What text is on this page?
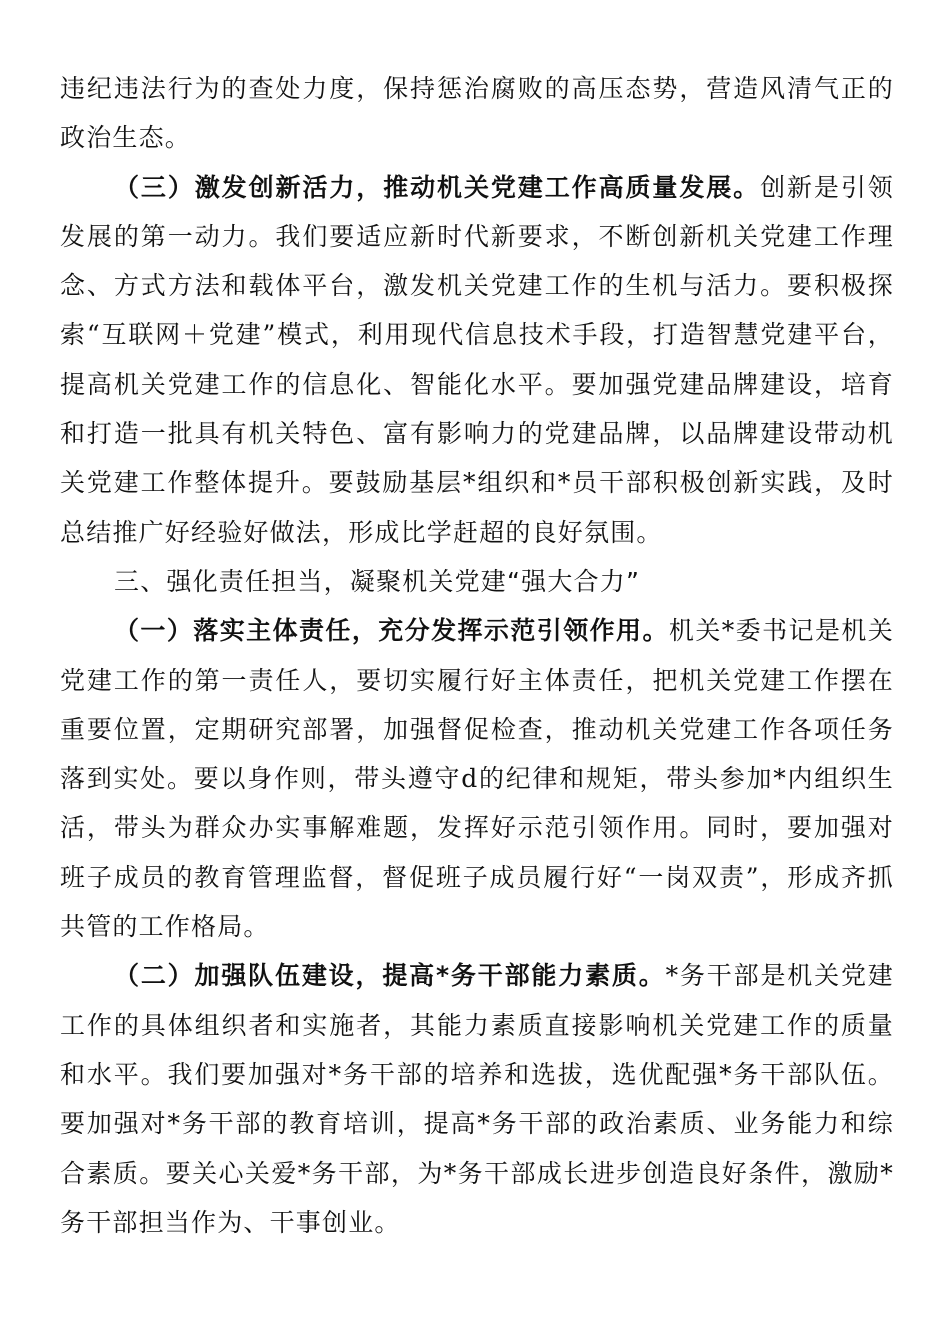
违纪违法行为的查处力度，保持惩治腐败的高压态势，营造风清气正的政治生态。

（三）激发创新活力，推动机关党建工作高质量发展。创新是引领发展的第一动力。我们要适应新时代新要求，不断创新机关党建工作理念、方式方法和载体平台，激发机关党建工作的生机与活力。要积极探索“互联网＋党建”模式，利用现代信息技术手段，打造智慧党建平台，提高机关党建工作的信息化、智能化水平。要加强党建品牌建设，培育和打造一批具有机关特色、富有影响力的党建品牌，以品牌建设带动机关党建工作整体提升。要鼓励基层*组织和*员干部积极创新实践，及时总结推广好经验好做法，形成比学赶超的良好氛围。

三、强化责任担当，凝聚机关党建“强大合力”

（一）落实主体责任，充分发挥示范引领作用。机关*委书记是机关党建工作的第一责任人，要切实履行好主体责任，把机关党建工作摆在重要位置，定期研究部署，加强督促检查，推动机关党建工作各项任务落到实处。要以身作则，带头遵守d的纪律和规矩，带头参加*内组织生活，带头为群众办实事解难题，发挥好示范引领作用。同时，要加强对班子成员的教育管理监督，督促班子成员履行好“一岗双责”，形成齐抓共管的工作格局。

（二）加强队伍建设，提高*务干部能力素质。*务干部是机关党建工作的具体组织者和实施者，其能力素质直接影响机关党建工作的质量和水平。我们要加强对*务干部的培养和选拔，选优配强*务干部队伍。要加强对*务干部的教育培训，提高*务干部的政治素质、业务能力和综合素质。要关心关爱*务干部，为*务干部成长进步创造良好条件，激励*务干部担当作为、干事创业。
